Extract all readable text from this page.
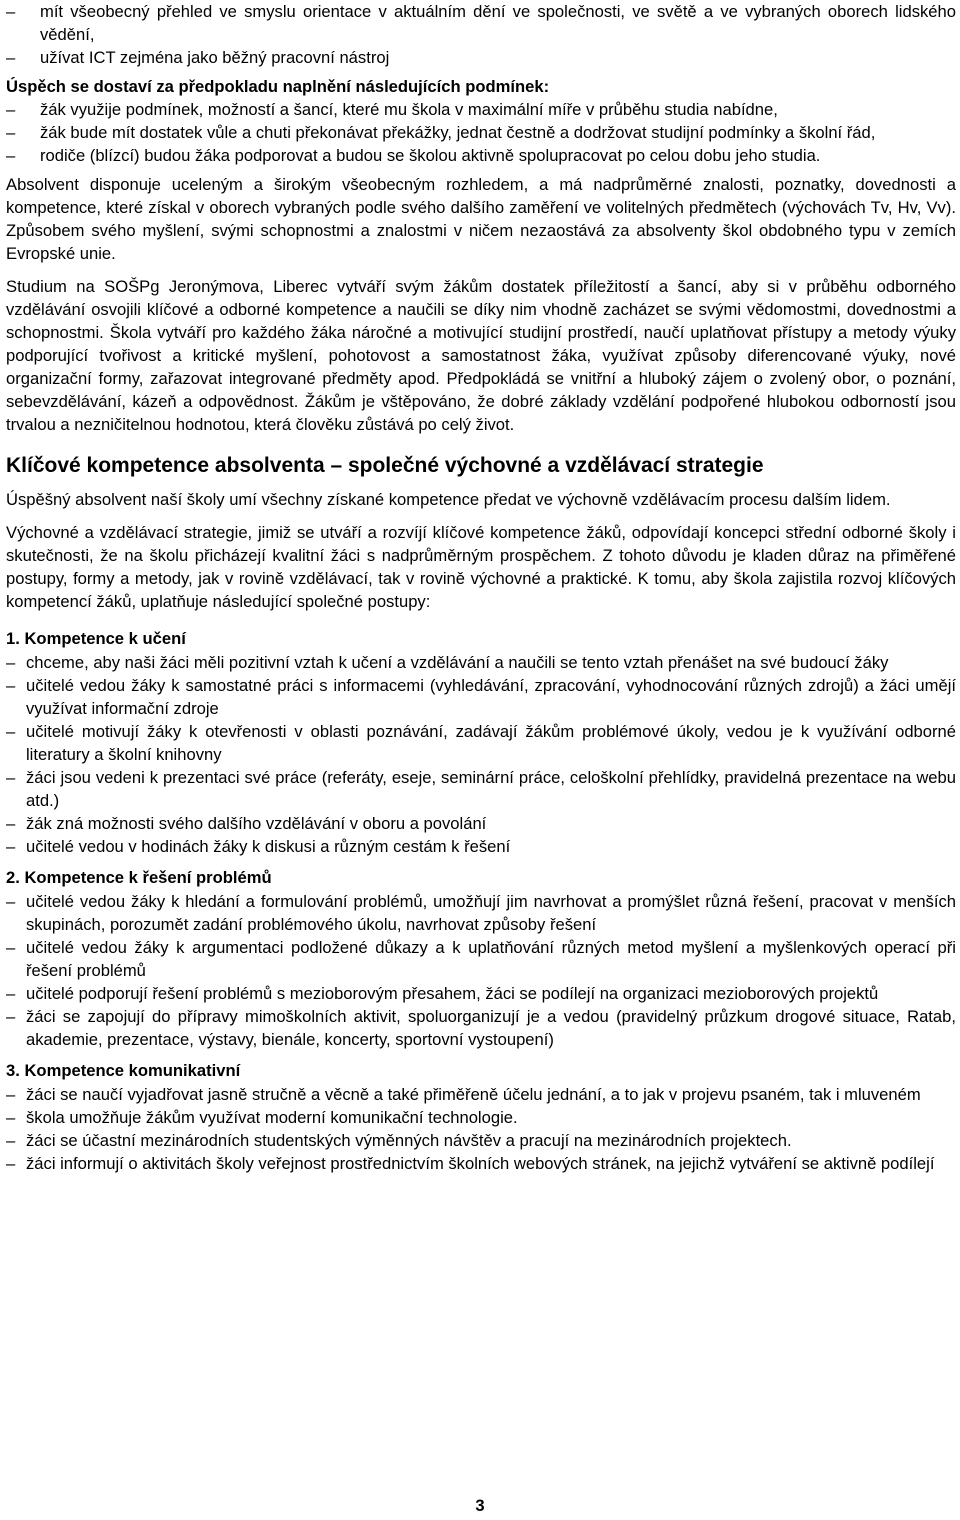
– mít všeobecný přehled ve smyslu orientace v aktuálním dění ve společnosti, ve světě a ve vybraných oborech lidského vědění,
– užívat ICT zejména jako běžný pracovní nástroj

Úspěch se dostaví za předpokladu naplnění následujících podmínek:

– žák využije podmínek, možností a šancí, které mu škola v maximální míře v průběhu studia nabídne,
– žák bude mít dostatek vůle a chuti překonávat překážky, jednat čestně a dodržovat studijní podmínky a školní řád,
– rodiče (blízcí) budou žáka podporovat a budou se školou aktivně spolupracovat po celou dobu jeho studia.

Absolvent disponuje uceleným a širokým všeobecným rozhledem, a má nadprůměrné znalosti, poznatky, dovednosti a kompetence, které získal v oborech vybraných podle svého dalšího zaměření ve volitelných předmětech (výchovách Tv, Hv, Vv). Způsobem svého myšlení, svými schopnostmi a znalostmi v ničem nezaostává za absolventy škol obdobného typu v zemích Evropské unie.

Studium na SOŠPg Jeronýmova, Liberec vytváří svým žákům dostatek příležitostí a šancí, aby si v průběhu odborného vzdělávání osvojili klíčové a odborné kompetence a naučili se díky nim vhodně zacházet se svými vědomostmi, dovednostmi a schopnostmi. Škola vytváří pro každého žáka náročné a motivující studijní prostředí, naučí uplatňovat přístupy a metody výuky podporující tvořivost a kritické myšlení, pohotovost a samostatnost žáka, využívat způsoby diferencované výuky, nové organizační formy, zařazovat integrované předměty apod. Předpokládá se vnitřní a hluboký zájem o zvolený obor, o poznání, sebevzdělávání, kázeň a odpovědnost. Žákům je vštěpováno, že dobré základy vzdělání podpořené hlubokou odborností jsou trvalou a nezničitelnou hodnotou, která člověku zůstává po celý život.

Klíčové kompetence absolventa – společné výchovné a vzdělávací strategie

Úspěšný absolvent naší školy umí všechny získané kompetence předat ve výchovně vzdělávacím procesu dalším lidem.

Výchovné a vzdělávací strategie, jimiž se utváří a rozvíjí klíčové kompetence žáků, odpovídají koncepci střední odborné školy i skutečnosti, že na školu přicházejí kvalitní žáci s nadprůměrným prospěchem. Z tohoto důvodu je kladen důraz na přiměřené postupy, formy a metody, jak v rovině vzdělávací, tak v rovině výchovné a praktické. K tomu, aby škola zajistila rozvoj klíčových kompetencí žáků, uplatňuje následující společné postupy:

1. Kompetence k učení
– chceme, aby naši žáci měli pozitivní vztah k učení a vzdělávání a naučili se tento vztah přenášet na své budoucí žáky
– učitelé vedou žáky k samostatné práci s informacemi (vyhledávání, zpracování, vyhodnocování různých zdrojů) a žáci umějí využívat informační zdroje
– učitelé motivují žáky k otevřenosti v oblasti poznávání, zadávají žákům problémové úkoly, vedou je k využívání odborné literatury a školní knihovny
– žáci jsou vedeni k prezentaci své práce (referáty, eseje, seminární práce, celoškolní přehlídky, pravidelná prezentace na webu atd.)
– žák zná možnosti svého dalšího vzdělávání v oboru a povolání
– učitelé vedou v hodinách žáky k diskusi a různým cestám k řešení
2. Kompetence k řešení problémů
– učitelé vedou žáky k hledání a formulování problémů, umožňují jim navrhovat a promýšlet různá řešení, pracovat v menších skupinách, porozumět zadání problémového úkolu, navrhovat způsoby řešení
– učitelé vedou žáky k argumentaci podložené důkazy a k uplatňování různých metod myšlení a myšlenkových operací při řešení problémů
– učitelé podporují řešení problémů s mezioborovým přesahem, žáci se podílejí na organizaci mezioborových projektů
– žáci se zapojují do přípravy mimoškolních aktivit, spoluorganizují je a vedou (pravidelný průzkum drogové situace, Ratab, akademie, prezentace, výstavy, bienále, koncerty, sportovní vystoupení)
3. Kompetence komunikativní
– žáci se naučí vyjadřovat jasně stručně a věcně a také přiměřeně účelu jednání, a to jak v projevu psaném, tak i mluveném
– škola umožňuje žákům využívat moderní komunikační technologie.
– žáci se účastní mezinárodních studentských výměnných návštěv a pracují na mezinárodních projektech.
– žáci informují o aktivitách školy veřejnost prostřednictvím školních webových stránek, na jejichž vytváření se aktivně podílejí
3
